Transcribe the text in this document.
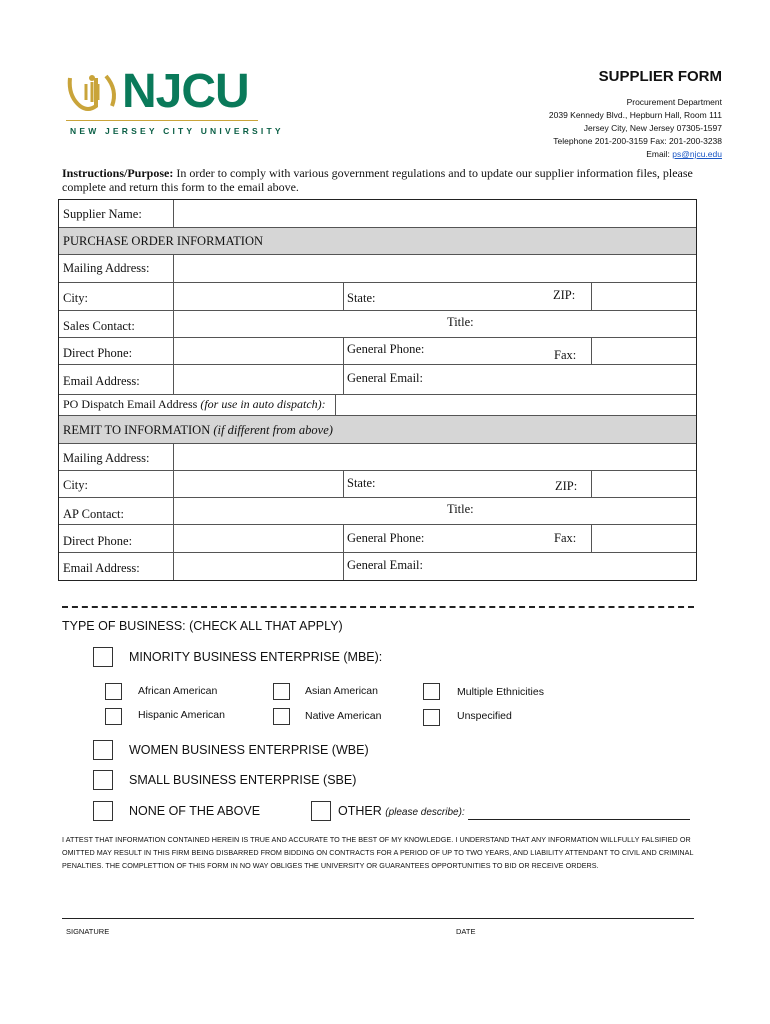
NJCU
NEW JERSEY CITY UNIVERSITY
SUPPLIER FORM
Procurement Department
2039 Kennedy Blvd., Hepburn Hall, Room 111
Jersey City, New Jersey 07305-1597
Telephone 201-200-3159 Fax: 201-200-3238
Email: ps@njcu.edu
Instructions/Purpose: In order to comply with various government regulations and to update our supplier information files, please complete and return this form to the email above.
Supplier Name:
PURCHASE ORDER INFORMATION
Mailing Address:
City:	State:	ZIP:
Sales Contact:	Title:
Direct Phone:	General Phone:	Fax:
Email Address:	General Email:
PO Dispatch Email Address (for use in auto dispatch):
REMIT TO INFORMATION (if different from above)
Mailing Address:
City:	State:	ZIP:
AP Contact:	Title:
Direct Phone:	General Phone:	Fax:
Email Address:	General Email:
TYPE OF BUSINESS: (CHECK ALL THAT APPLY)
MINORITY BUSINESS ENTERPRISE (MBE):
African American	Asian American	Multiple Ethnicities
Hispanic American	Native American	Unspecified
WOMEN BUSINESS ENTERPRISE (WBE)
SMALL BUSINESS ENTERPRISE (SBE)
NONE OF THE ABOVE	OTHER (please describe):
I ATTEST THAT INFORMATION CONTAINED HEREIN IS TRUE AND ACCURATE TO THE BEST OF MY KNOWLEDGE. I UNDERSTAND THAT ANY INFORMATION WILLFULLY FALSIFIED OR OMITTED MAY RESULT IN THIS FIRM BEING DISBARRED FROM BIDDING ON CONTRACTS FOR A PERIOD OF UP TO TWO YEARS, AND LIABILITY ATTENDANT TO CIVIL AND CRIMINAL PENALTIES. THE COMPLETTION OF THIS FORM IN NO WAY OBLIGES THE UNIVERSITY OR GUARANTEES OPPORTUNITIES TO BID OR RECEIVE ORDERS.
SIGNATURE	DATE
